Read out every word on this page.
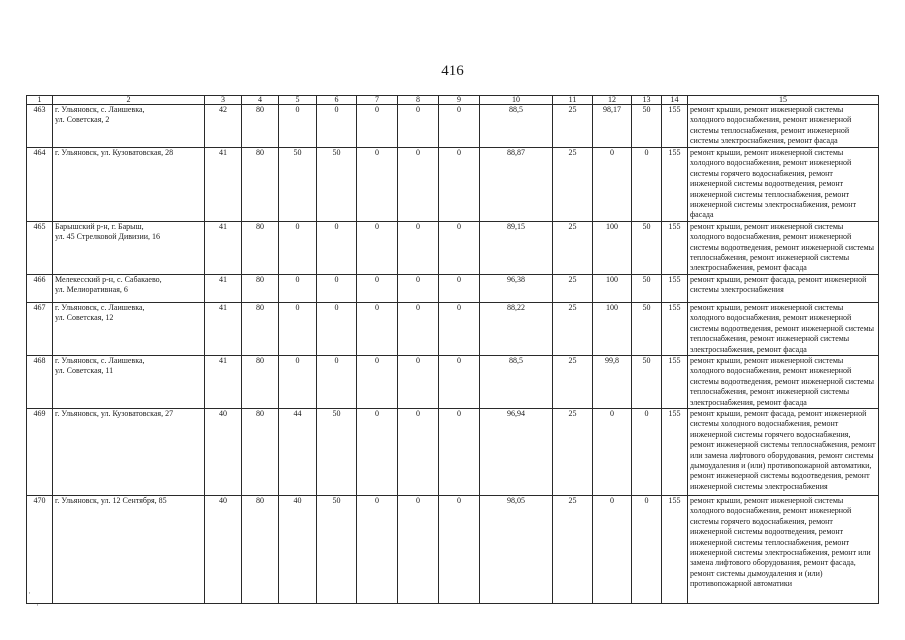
416
1	2	3	4	5	6	7	8	9	10	11	12	13	14	15
463	г. Ульяновск, с. Лаишевка,
ул. Советская, 2	42	80	0	0	0	0	0	88,5	25	98,17	50	155	ремонт крыши, ремонт инженерной системы холодного водоснабжения, ремонт инженерной системы теплоснабжения, ремонт инженерной системы электроснабжения, ремонт фасада
464	г. Ульяновск, ул. Кузоватовская, 28	41	80	50	50	0	0	0	88,87	25	0	0	155	ремонт крыши, ремонт инженерной системы холодного водоснабжения, ремонт инженерной системы горячего водоснабжения, ремонт инженерной системы водоотведения, ремонт инженерной системы теплоснабжения, ремонт инженерной системы электроснабжения, ремонт фасада
465	Барышский р-н, г. Барыш,
ул. 45 Стрелковой Дивизии, 16	41	80	0	0	0	0	0	89,15	25	100	50	155	ремонт крыши, ремонт инженерной системы холодного водоснабжения, ремонт инженерной системы водоотведения, ремонт инженерной системы теплоснабжения, ремонт инженерной системы электроснабжения, ремонт фасада
466	Мелекесский р-н, с. Сабакаево,
ул. Мелиоративная, 6	41	80	0	0	0	0	0	96,38	25	100	50	155	ремонт крыши, ремонт фасада, ремонт инженерной системы электроснабжения
467	г. Ульяновск, с. Лаишевка,
ул. Советская, 12	41	80	0	0	0	0	0	88,22	25	100	50	155	ремонт крыши, ремонт инженерной системы холодного водоснабжения, ремонт инженерной системы водоотведения, ремонт инженерной системы теплоснабжения, ремонт инженерной системы электроснабжения, ремонт фасада
468	г. Ульяновск, с. Лаишевка,
ул. Советская, 11	41	80	0	0	0	0	0	88,5	25	99,8	50	155	ремонт крыши, ремонт инженерной системы холодного водоснабжения, ремонт инженерной системы водоотведения, ремонт инженерной системы теплоснабжения, ремонт инженерной системы электроснабжения, ремонт фасада
469	г. Ульяновск, ул. Кузоватовская, 27	40	80	44	50	0	0	0	96,94	25	0	0	155	ремонт крыши, ремонт фасада, ремонт инженерной системы холодного водоснабжения, ремонт инженерной системы горячего водоснабжения, ремонт инженерной системы теплоснабжения, ремонт или замена лифтового оборудования, ремонт системы дымоудаления и (или) противопожарной автоматики, ремонт инженерной системы водоотведения, ремонт инженерной системы электроснабжения
470	г. Ульяновск, ул. 12 Сентября, 85	40	80	40	50	0	0	0	98,05	25	0	0	155	ремонт крыши, ремонт инженерной системы холодного водоснабжения, ремонт инженерной системы горячего водоснабжения, ремонт инженерной системы водоотведения, ремонт инженерной системы теплоснабжения, ремонт инженерной системы электроснабжения, ремонт или замена лифтового оборудования, ремонт фасада, ремонт системы дымоудаления и (или) противопожарной автоматики
·
·
